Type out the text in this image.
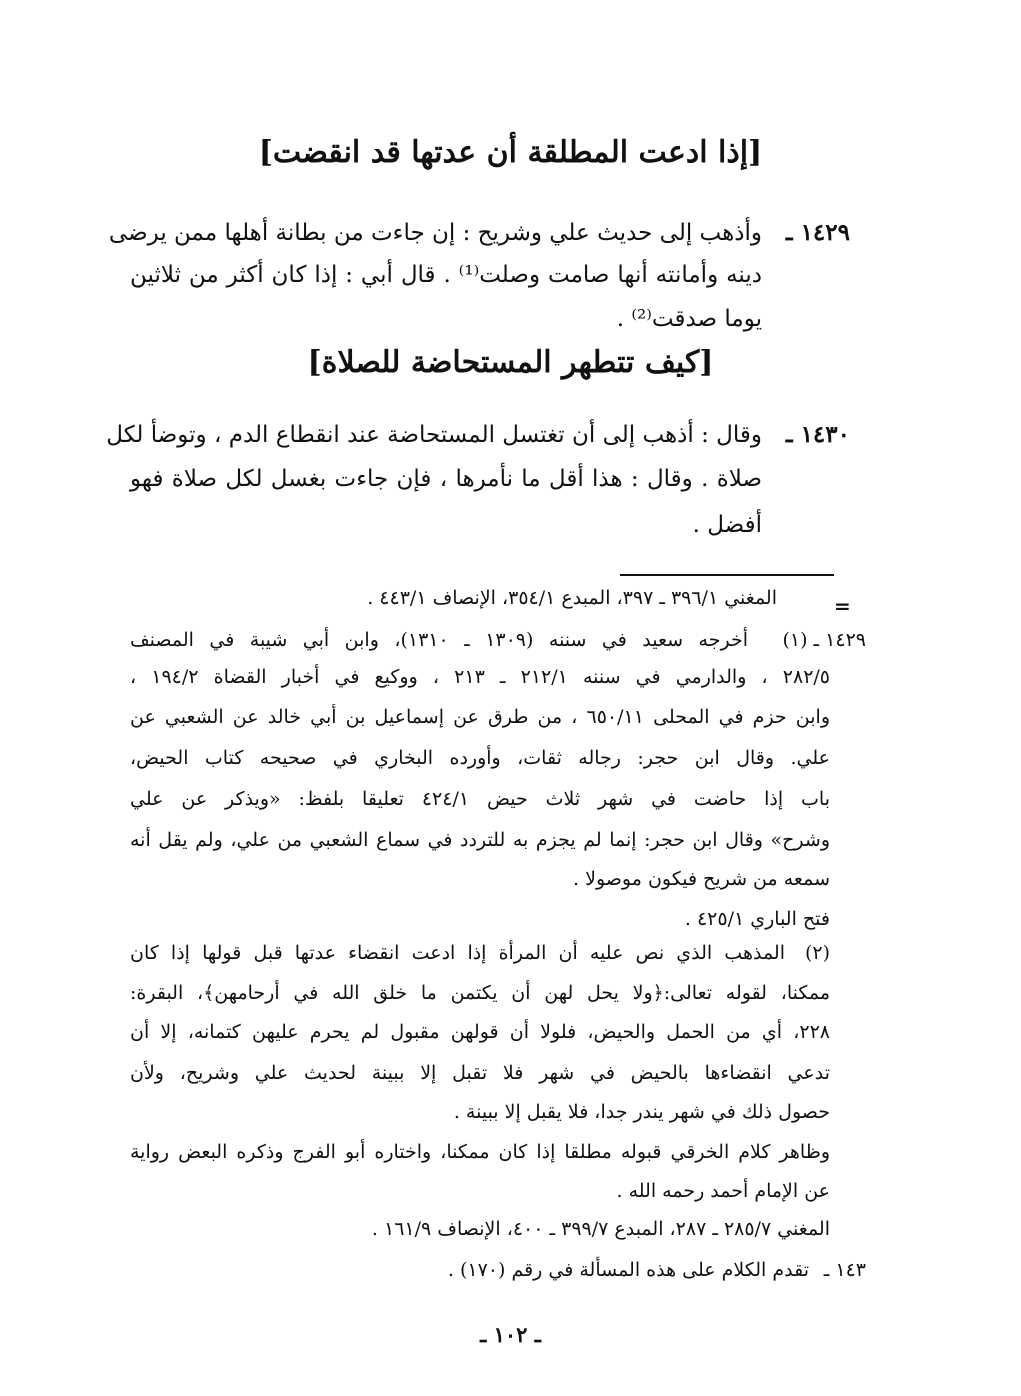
[إذا ادعت المطلقة أن عدتها قد انقضت]
١٤٢٩ ـ
وأذهب إلى حديث علي وشريح : إن جاءت من بطانة أهلها ممن يرضى
دينه وأمانته أنها صامت وصلت⁽¹⁾ . قال أبي : إذا كان أكثر من ثلاثين
يوما صدقت⁽²⁾ .
[كيف تتطهر المستحاضة للصلاة]
١٤٣٠ ـ
وقال : أذهب إلى أن تغتسل المستحاضة عند انقطاع الدم ، وتوضأ لكل
صلاة . وقال : هذا أقل ما نأمرها ، فإن جاءت بغسل لكل صلاة فهو
أفضل .
=
المغني ٣٩٦/١ ـ ٣٩٧، المبدع ٣٥٤/١، الإنصاف ٤٤٣/١ .
١٤٢٩ ـ (١)
أخرجه سعيد في سننه (١٣٠٩ ـ ١٣١٠)، وابن أبي شيبة في المصنف
٢٨٢/٥ ، والدارمي في سننه ٢١٢/١ ـ ٢١٣ ، ووكيع في أخبار القضاة ١٩٤/٢ ،
وابن حزم في المحلى ٦٥٠/١١ ، من طرق عن إسماعيل بن أبي خالد عن الشعبي عن
علي. وقال ابن حجر: رجاله ثقات، وأورده البخاري في صحيحه كتاب الحيض،
باب إذا حاضت في شهر ثلاث حيض ٤٢٤/١ تعليقا بلفظ: «ويذكر عن علي
وشرح» وقال ابن حجر: إنما لم يجزم به للتردد في سماع الشعبي من علي، ولم يقل أنه
سمعه من شريح فيكون موصولا .
فتح الباري ٤٢٥/١ .
(٢)
المذهب الذي نص عليه أن المرأة إذا ادعت انقضاء عدتها قبل قولها إذا كان
ممكنا، لقوله تعالى:﴿ولا يحل لهن أن يكتمن ما خلق الله في أرحامهن﴾، البقرة:
٢٢٨، أي من الحمل والحيض، فلولا أن قولهن مقبول لم يحرم عليهن كتمانه، إلا أن
تدعي انقضاءها بالحيض في شهر فلا تقبل إلا ببينة لحديث علي وشريح، ولأن
حصول ذلك في شهر يندر جدا، فلا يقبل إلا ببينة .
وظاهر كلام الخرقي قبوله مطلقا إذا كان ممكنا، واختاره أبو الفرج وذكره البعض رواية
عن الإمام أحمد رحمه الله .
المغني ٢٨٥/٧ ـ ٢٨٧، المبدع ٣٩٩/٧ ـ ٤٠٠، الإنصاف ١٦١/٩ .
١٤٣ ـ
تقدم الكلام على هذه المسألة في رقم (١٧٠) .
ـ ١٠٢ ـ
